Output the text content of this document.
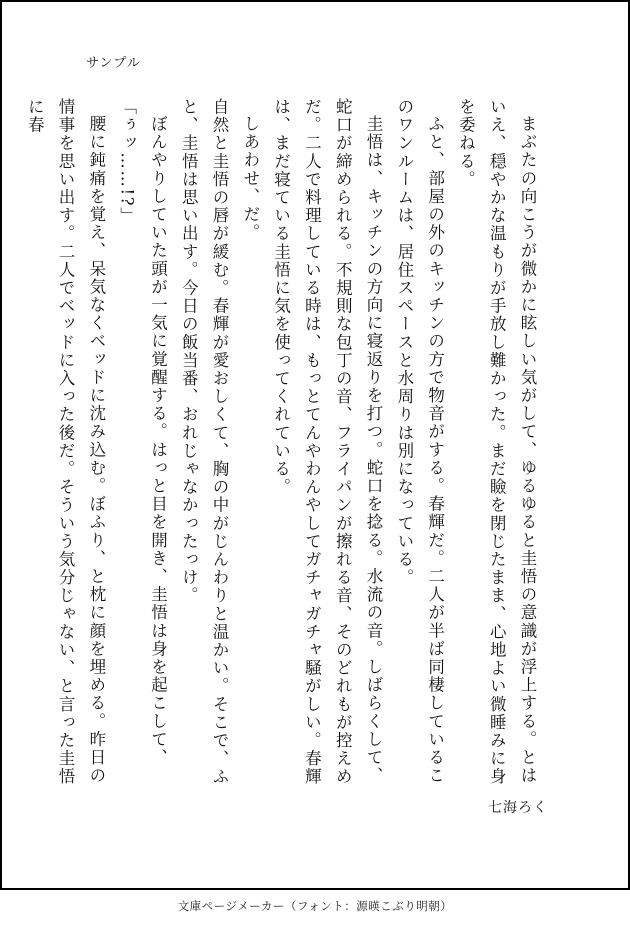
サンプル

まぶたの向こうが微かに眩しい気がして、ゆるゆると圭悟の意識が浮上する。とはいえ、穏やかな温もりが手放し難かった。まだ瞼を閉じたまま、心地よい微睡みに身を委ねる。

ふと、部屋の外のキッチンの方で物音がする。春輝だ。二人が半ば同棲しているこのワンルームは、居住スペースと水周りは別になっている。

圭悟は、キッチンの方向に寝返りを打つ。蛇口を捻る。水流の音。しばらくして、蛇口が締められる。不規則な包丁の音、フライパンが擦れる音、そのどれもが控えめだ。二人で料理している時は、もっとてんやわんやしてガチャガチャ騒がしい。春輝は、まだ寝ている圭悟に気を使ってくれている。

しあわせ、だ。

自然と圭悟の唇が緩む。春輝が愛おしくて、胸の中がじんわりと温かい。そこで、ふと、圭悟は思い出す。今日の飯当番、おれじゃなかったっけ。

ぼんやりしていた頭が一気に覚醒する。はっと目を開き、圭悟は身を起こして、

「ぅッ……!?」

腰に鈍痛を覚え、呆気なくベッドに沈み込む。ぼふり、と枕に顔を埋める。昨日の情事を思い出す。二人でベッドに入った後だ。そういう気分じゃない、と言った圭悟に春

七海ろく
文庫ページメーカー（フォント：源暎こぶり明朝）
